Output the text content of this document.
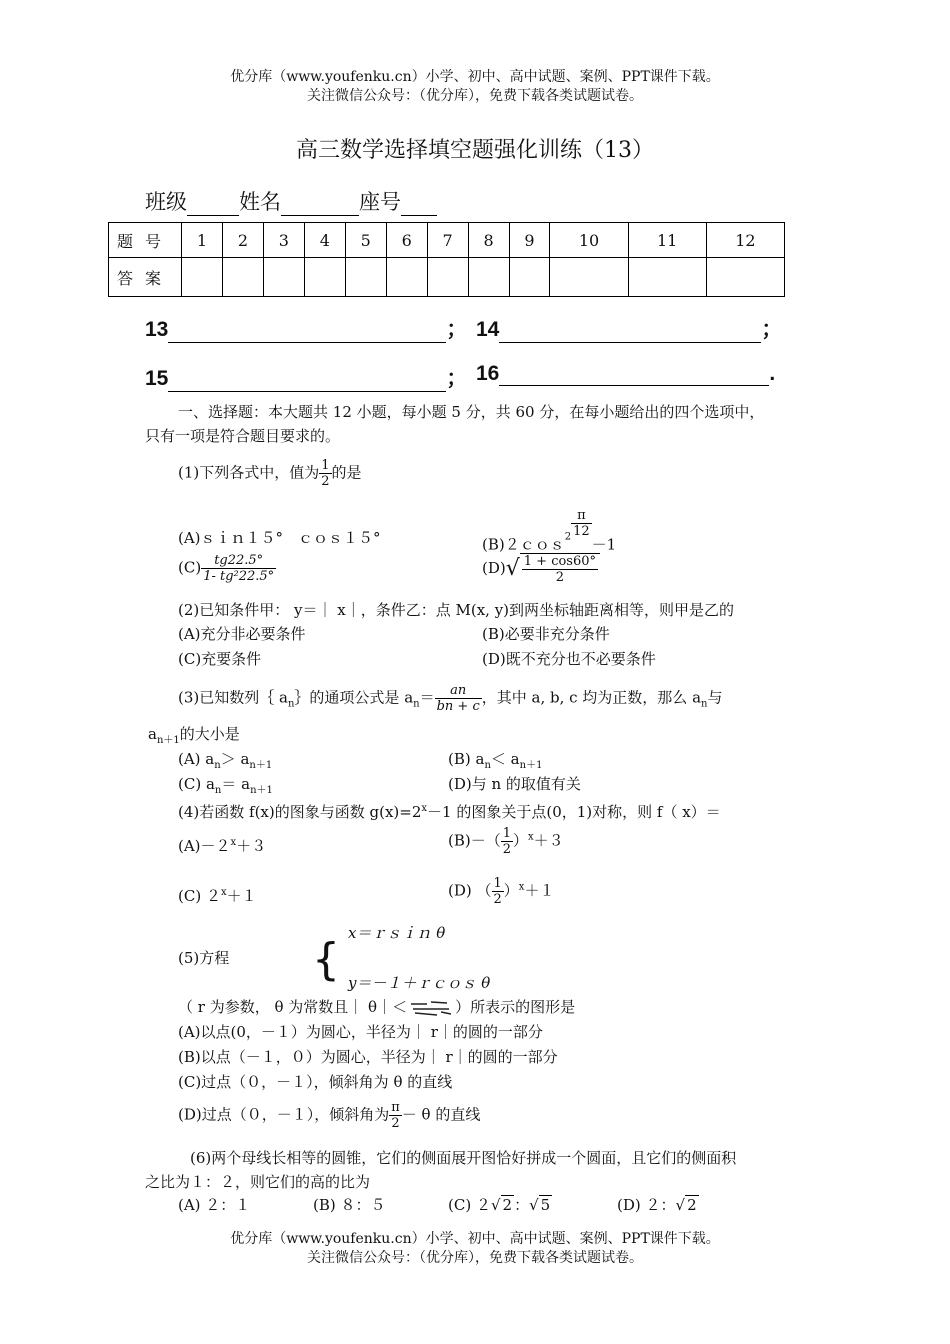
优分库（www.youfenku.cn）小学、初中、高中试题、案例、PPT课件下载。
关注微信公众号：（优分库），免费下载各类试题试卷。
高三数学选择填空题强化训练（13）
班级 姓名	座号
题号	1	2	3	4	5	6	7	8	9	10	11	12
答案												
13	； 14	；
15	； 16	.
一、选择题：本大题共 12 小题，每小题 5 分，共 60 分，在每小题给出的四个选项中，
只有一项是符合题目要求的。
(1)下列各式中，值为 $\frac{1}{2}$ 的是
(A)ｓｉｎ１５°　ｃｏｓ１５°	(B)２ｃｏｓ$_2$ $\frac{\pi}{12}$
－1
$(C) \frac{tg22.5^\circ}{\text{1- tg²22.5°}}$	$(D)√ \frac{1 + \cos 60^\circ}{2}$
(2)已知条件甲： y＝｜ x｜，条件乙：点 M(x, y)到两坐标轴距离相等，则甲是乙的
(A)充分非必要条件	(B)必要非充分条件
(C)充要条件	(D)既不充分也不必要条件
(3)已知数列｛ $a_n\}$的通项公式是 $a_n= \frac{an}{bn + c}$ ，其中 a, b, c 均为正数，那么 $a_n$与
$a_{n+1}$的大小是
(A) $a_n> a_{n+1}$	(B) $a_n< a_{n+1}$
(C) $a_n= a_{n+1}$	(D)与 n 的取值有关
(4)若函数 f(x)的图象与函数 $g(x)=2^x-1$ 的图象关于点(0，1)对称，则 f（ x）＝
$(A)-2^x+3$	$(B)-( \frac{1}{2} )^x+3$
(C) $2^x+1$	(D) （ $\frac{1}{2} )^x+1$
(5)方程 {
x＝ｒｓｉｎ θ
y＝－１＋ｒｃｏｓ θ
（ r 为参数， θ 为常数且｜ θ｜＜	）所表示的图形是
(A)以点(0，－１）为圆心，半径为｜ r｜的圆的一部分
(B)以点（－１，０）为圆心，半径为｜ r｜的圆的一部分
(C)过点（０，－１），倾斜角为 θ 的直线
(D)过点（０，－１），倾斜角为 $\frac{\pi}{2} - \theta$ 的直线
(6)两个母线长相等的圆锥，它们的侧面展开图恰好拼成一个圆面，且它们的侧面积
之比为１：２，则它们的高的比为
(A) ２：１	(B) ８：５	(C) ２√ 2 ：√ 5	(D) ２：√ 2
优分库（www.youfenku.cn）小学、初中、高中试题、案例、PPT课件下载。
关注微信公众号：（优分库），免费下载各类试题试卷。
